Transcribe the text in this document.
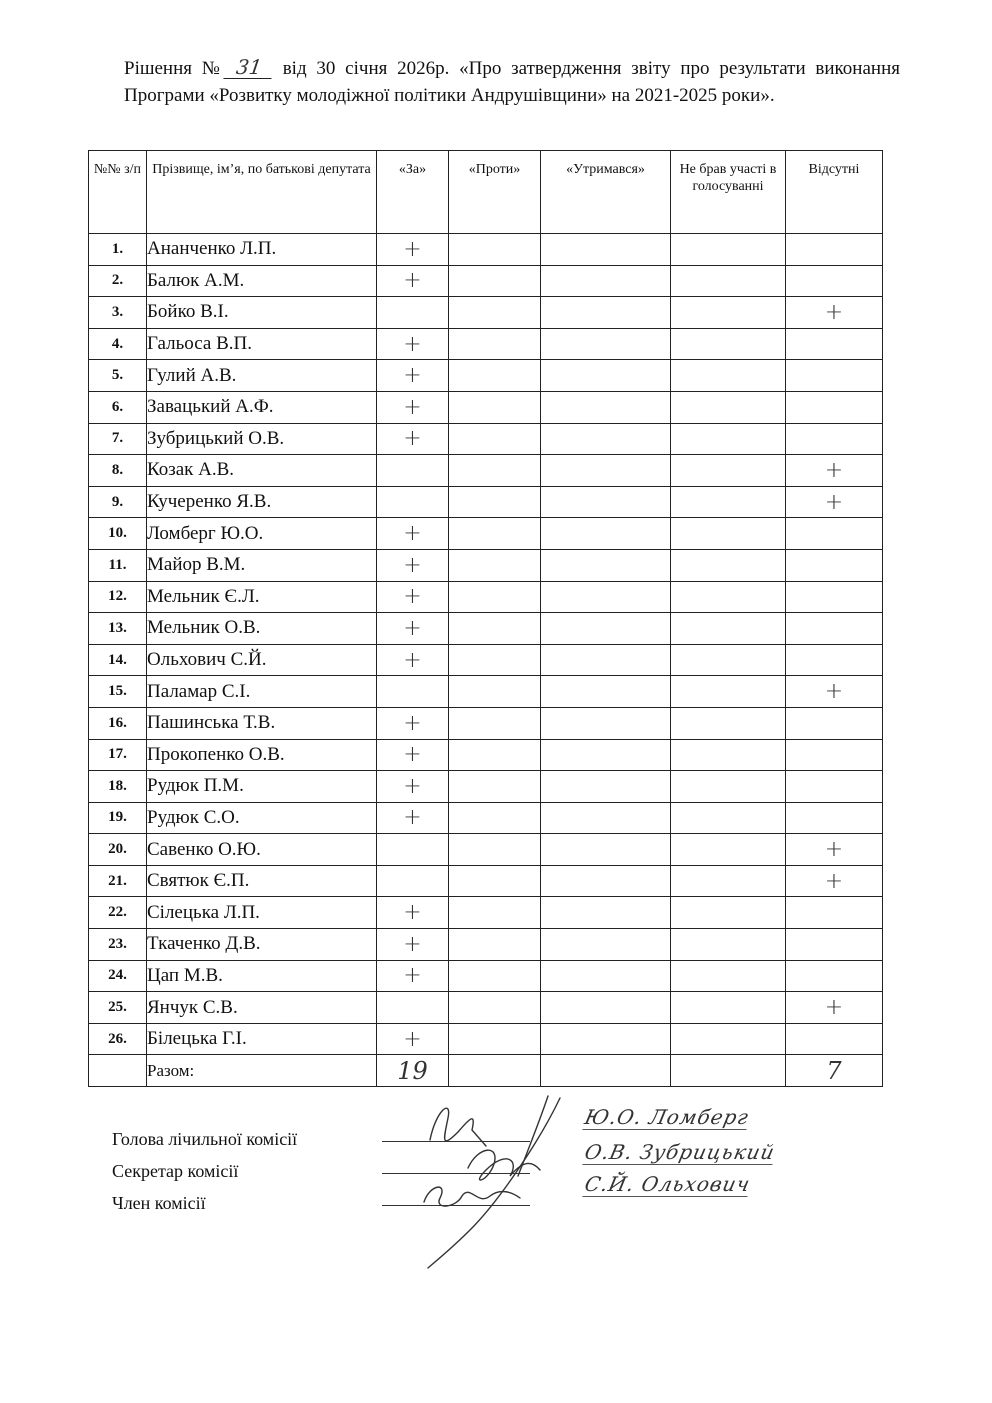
Рішення № 31 від 30 січня 2026р. «Про затвердження звіту про результати виконання Програми «Розвитку молодіжної політики Андрушівщини» на 2021-2025 роки».
№№ з/п	Прізвище, ім’я, по батькові депутата	«За»	«Проти»	«Утримався»	Не брав участі в голосуванні	Відсутні
1.	Ананченко Л.П.	+				
2.	Балюк А.М.	+				
3.	Бойко В.І.					+
4.	Гальоса В.П.	+				
5.	Гулий А.В.	+				
6.	Завацький А.Ф.	+				
7.	Зубрицький О.В.	+				
8.	Козак А.В.					+
9.	Кучеренко Я.В.					+
10.	Ломберг Ю.О.	+				
11.	Майор В.М.	+				
12.	Мельник Є.Л.	+				
13.	Мельник О.В.	+				
14.	Ольхович С.Й.	+				
15.	Паламар С.І.					+
16.	Пашинська Т.В.	+				
17.	Прокопенко О.В.	+				
18.	Рудюк П.М.	+				
19.	Рудюк С.О.	+				
20.	Савенко О.Ю.					+
21.	Святюк Є.П.					+
22.	Сілецька Л.П.	+				
23.	Ткаченко Д.В.	+				
24.	Цап М.В.	+				
25.	Янчук С.В.					+
26.	Білецька Г.І.	+				
	Разом:	19				7
Голова лічильної комісії
Секретар комісії
Член комісії
Ю.О. Ломберг
О.В. Зубрицький
С.Й. Ольхович
